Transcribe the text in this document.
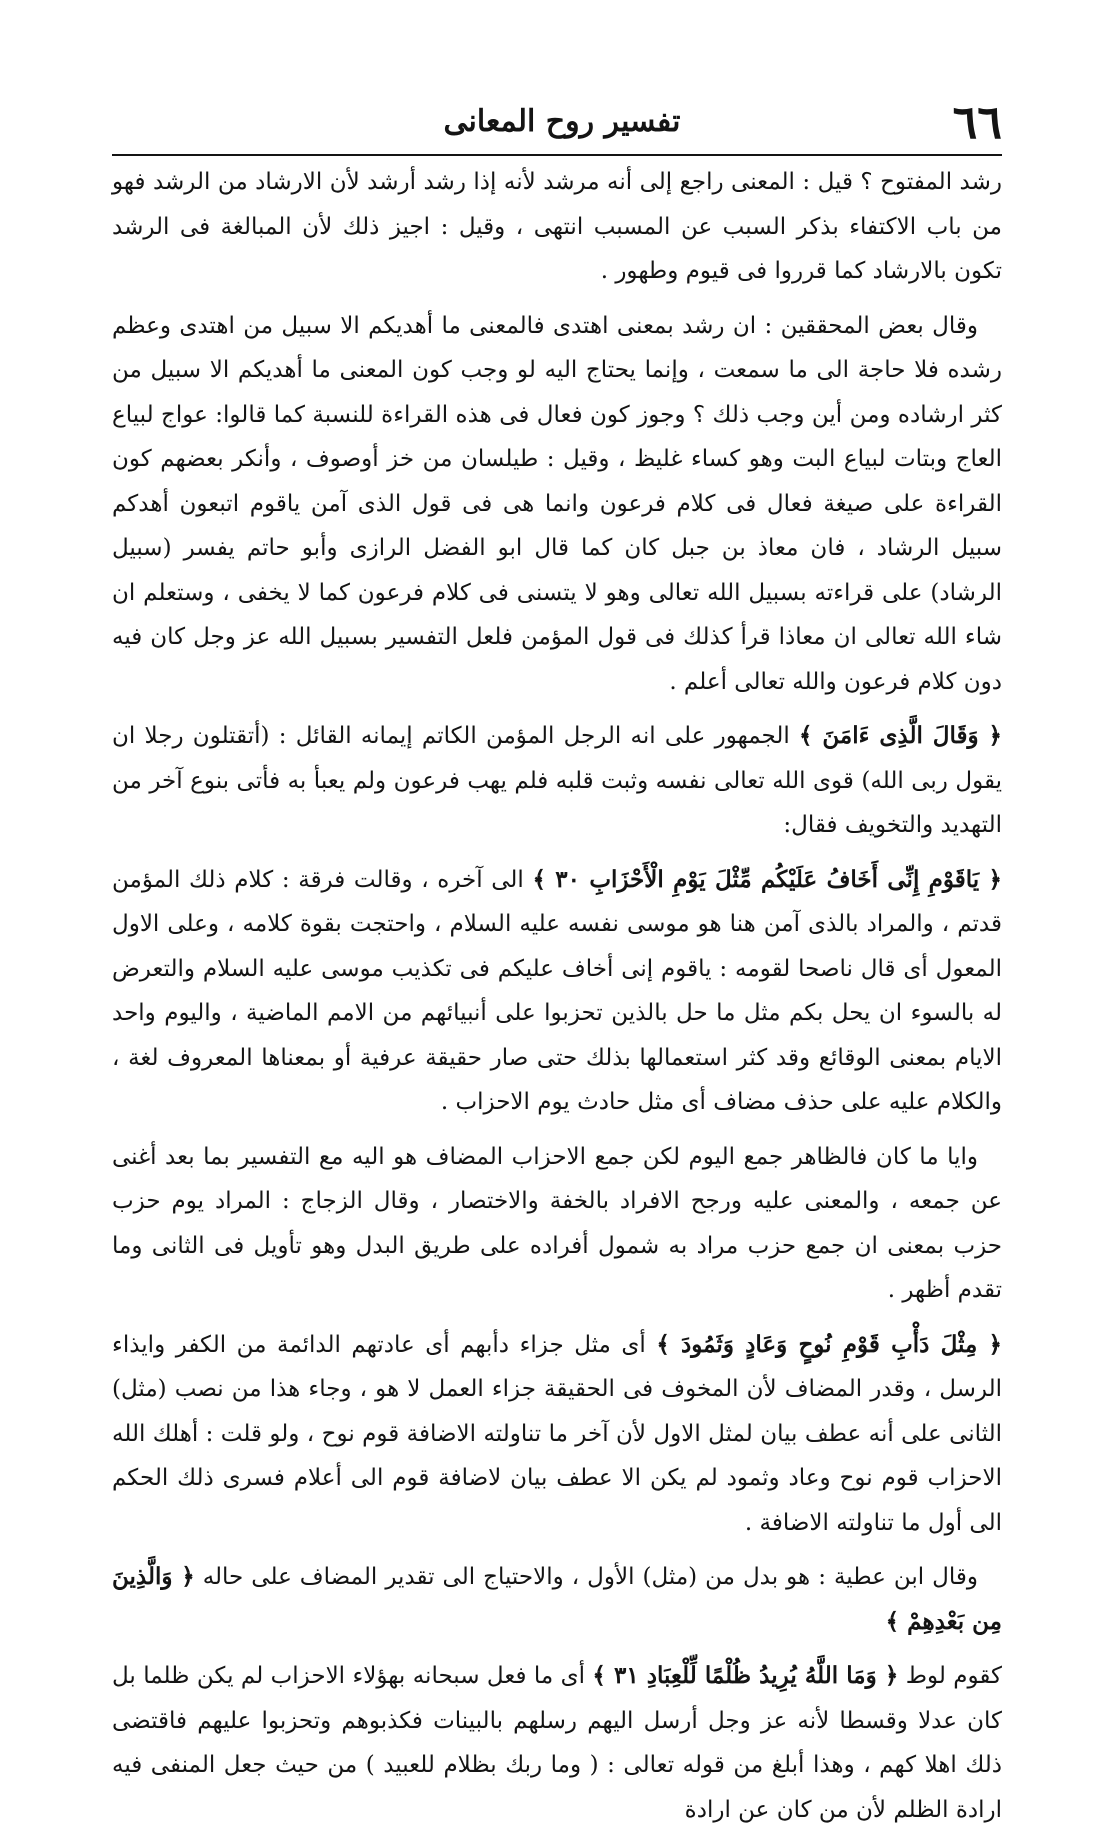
٦٦
تفسير روح المعانى

رشد المفتوح ؟ قيل : المعنى راجع إلى أنه مرشد لأنه إذا رشد أرشد لأن الارشاد من الرشد فهو من باب الاكتفاء بذكر السبب عن المسبب انتهى ، وقيل : اجيز ذلك لأن المبالغة فى الرشد تكون بالارشاد كما قرروا فى قيوم وطهور .

وقال بعض المحققين : ان رشد بمعنى اهتدى فالمعنى ما أهديكم الا سبيل من اهتدى وعظم رشده فلا حاجة الى ما سمعت ، وإنما يحتاج اليه لو وجب كون المعنى ما أهديكم الا سبيل من كثر ارشاده ومن أين وجب ذلك ؟ وجوز كون فعال فى هذه القراءة للنسبة كما قالوا: عواج لبياع العاج وبتات لبياع البت وهو كساء غليظ ، وقيل : طيلسان من خز أوصوف ، وأنكر بعضهم كون القراءة على صيغة فعال فى كلام فرعون وانما هى فى قول الذى آمن ياقوم اتبعون أهدكم سبيل الرشاد ، فان معاذ بن جبل كان كما قال ابو الفضل الرازى وأبو حاتم يفسر (سبيل الرشاد) على قراءته بسبيل الله تعالى وهو لا يتسنى فى كلام فرعون كما لا يخفى ، وستعلم ان شاء الله تعالى ان معاذا قرأ كذلك فى قول المؤمن فلعل التفسير بسبيل الله عز وجل كان فيه دون كلام فرعون والله تعالى أعلم .

﴿ وَقَالَ الَّذِى ءَامَنَ ﴾ الجمهور على انه الرجل المؤمن الكاتم إيمانه القائل : (أتقتلون رجلا ان يقول ربى الله) قوى الله تعالى نفسه وثبت قلبه فلم يهب فرعون ولم يعبأ به فأتى بنوع آخر من التهديد والتخويف فقال:

﴿ يَاقَوْمِ إِنِّى أَخَافُ عَلَيْكُم مِّثْلَ يَوْمِ الْأَحْزَابِ ٣٠ ﴾ الى آخره ، وقالت فرقة : كلام ذلك المؤمن قدتم ، والمراد بالذى آمن هنا هو موسى نفسه عليه السلام ، واحتجت بقوة كلامه ، وعلى الاول المعول أى قال ناصحا لقومه : ياقوم إنى أخاف عليكم فى تكذيب موسى عليه السلام والتعرض له بالسوء ان يحل بكم مثل ما حل بالذين تحزبوا على أنبيائهم من الامم الماضية ، واليوم واحد الايام بمعنى الوقائع وقد كثر استعمالها بذلك حتى صار حقيقة عرفية أو بمعناها المعروف لغة ، والكلام عليه على حذف مضاف أى مثل حادث يوم الاحزاب .

وايا ما كان فالظاهر جمع اليوم لكن جمع الاحزاب المضاف هو اليه مع التفسير بما بعد أغنى عن جمعه ، والمعنى عليه ورجح الافراد بالخفة والاختصار ، وقال الزجاج : المراد يوم حزب حزب بمعنى ان جمع حزب مراد به شمول أفراده على طريق البدل وهو تأويل فى الثانى وما تقدم أظهر .

﴿ مِثْلَ دَأْبِ قَوْمِ نُوحٍ وَعَادٍ وَثَمُودَ ﴾ أى مثل جزاء دأبهم أى عادتهم الدائمة من الكفر وايذاء الرسل ، وقدر المضاف لأن المخوف فى الحقيقة جزاء العمل لا هو ، وجاء هذا من نصب (مثل) الثانى على أنه عطف بيان لمثل الاول لأن آخر ما تناولته الاضافة قوم نوح ، ولو قلت : أهلك الله الاحزاب قوم نوح وعاد وثمود لم يكن الا عطف بيان لاضافة قوم الى أعلام فسرى ذلك الحكم الى أول ما تناولته الاضافة .

وقال ابن عطية : هو بدل من (مثل) الأول ، والاحتياج الى تقدير المضاف على حاله ﴿ وَالَّذِينَ مِن بَعْدِهِمْ ﴾

كقوم لوط ﴿ وَمَا اللَّهُ يُرِيدُ ظُلْمًا لِّلْعِبَادِ ٣١ ﴾ أى ما فعل سبحانه بهؤلاء الاحزاب لم يكن ظلما بل كان عدلا وقسطا لأنه عز وجل أرسل اليهم رسلهم بالبينات فكذبوهم وتحزبوا عليهم فاقتضى ذلك اهلا كهم ، وهذا أبلغ من قوله تعالى : ( وما ربك بظلام للعبيد ) من حيث جعل المنفى فيه ارادة الظلم لأن من كان عن ارادة
